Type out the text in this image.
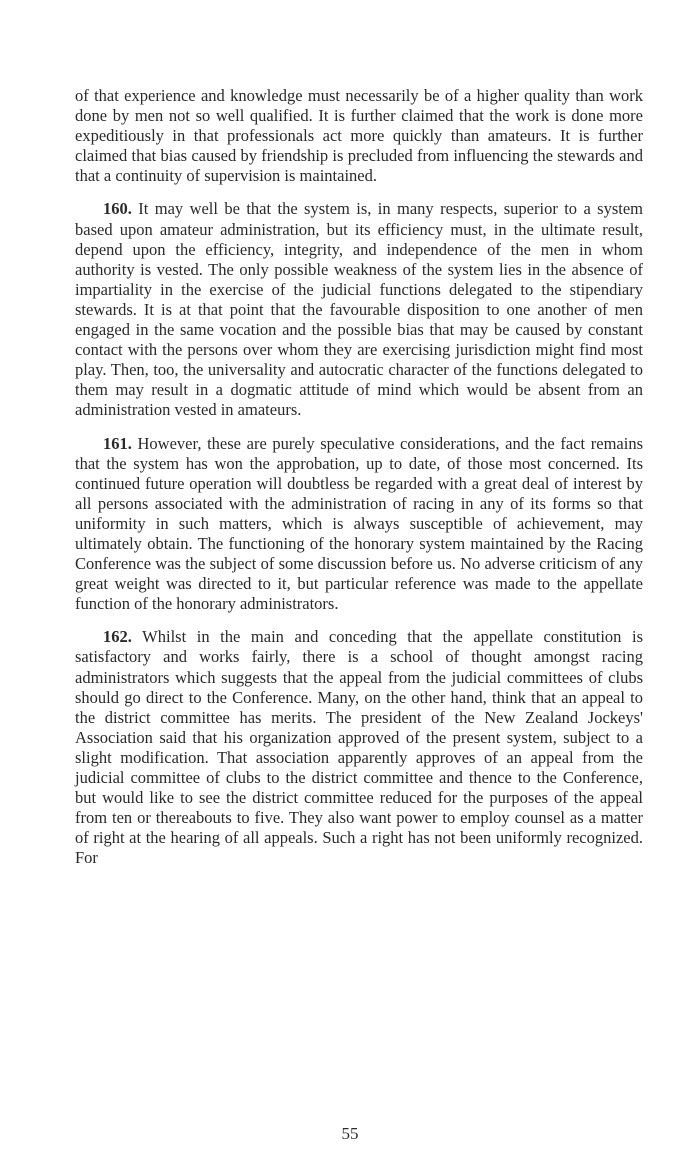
of that experience and knowledge must necessarily be of a higher quality than work done by men not so well qualified. It is further claimed that the work is done more expeditiously in that professionals act more quickly than amateurs. It is further claimed that bias caused by friendship is precluded from influencing the stewards and that a continuity of supervision is maintained.

160. It may well be that the system is, in many respects, superior to a system based upon amateur administration, but its efficiency must, in the ultimate result, depend upon the efficiency, integrity, and independence of the men in whom authority is vested. The only possible weakness of the system lies in the absence of impartiality in the exercise of the judicial functions delegated to the stipendiary stewards. It is at that point that the favourable disposition to one another of men engaged in the same vocation and the possible bias that may be caused by constant contact with the persons over whom they are exercising jurisdiction might find most play. Then, too, the universality and autocratic character of the functions delegated to them may result in a dogmatic attitude of mind which would be absent from an administration vested in amateurs.

161. However, these are purely speculative considerations, and the fact remains that the system has won the approbation, up to date, of those most concerned. Its continued future operation will doubtless be regarded with a great deal of interest by all persons associated with the administration of racing in any of its forms so that uniformity in such matters, which is always susceptible of achievement, may ultimately obtain. The functioning of the honorary system maintained by the Racing Conference was the subject of some discussion before us. No adverse criticism of any great weight was directed to it, but particular reference was made to the appellate function of the honorary administrators.

162. Whilst in the main and conceding that the appellate constitution is satisfactory and works fairly, there is a school of thought amongst racing administrators which suggests that the appeal from the judicial committees of clubs should go direct to the Conference. Many, on the other hand, think that an appeal to the district committee has merits. The president of the New Zealand Jockeys' Association said that his organization approved of the present system, subject to a slight modification. That association apparently approves of an appeal from the judicial committee of clubs to the district committee and thence to the Conference, but would like to see the district committee reduced for the purposes of the appeal from ten or thereabouts to five. They also want power to employ counsel as a matter of right at the hearing of all appeals. Such a right has not been uniformly recognized. For

55
